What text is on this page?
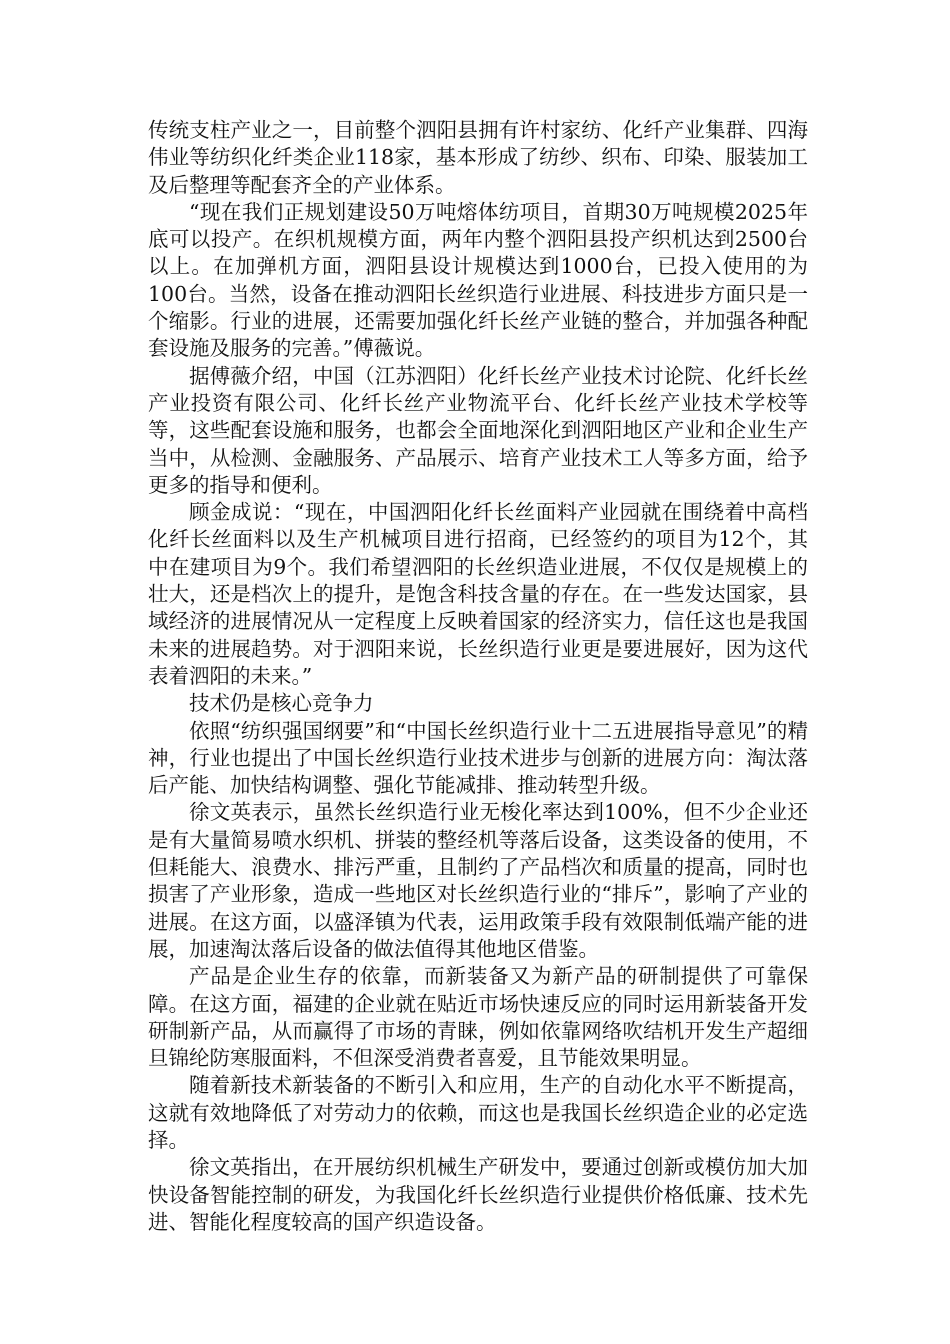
传统支柱产业之一，目前整个泗阳县拥有许村家纺、化纤产业集群、四海伟业等纺织化纤类企业118家，基本形成了纺纱、织布、印染、服装加工及后整理等配套齐全的产业体系。

“现在我们正规划建设50万吨熔体纺项目，首期30万吨规模2025年底可以投产。在织机规模方面，两年内整个泗阳县投产织机达到2500台以上。在加弹机方面，泗阳县设计规模达到1000台，已投入使用的为100台。当然，设备在推动泗阳长丝织造行业进展、科技进步方面只是一个缩影。行业的进展，还需要加强化纤长丝产业链的整合，并加强各种配套设施及服务的完善。”傅薇说。

据傅薇介绍，中国（江苏泗阳）化纤长丝产业技术讨论院、化纤长丝产业投资有限公司、化纤长丝产业物流平台、化纤长丝产业技术学校等等，这些配套设施和服务，也都会全面地深化到泗阳地区产业和企业生产当中，从检测、金融服务、产品展示、培育产业技术工人等多方面，给予更多的指导和便利。

顾金成说：“现在，中国泗阳化纤长丝面料产业园就在围绕着中高档化纤长丝面料以及生产机械项目进行招商，已经签约的项目为12个，其中在建项目为9个。我们希望泗阳的长丝织造业进展，不仅仅是规模上的壮大，还是档次上的提升，是饱含科技含量的存在。在一些发达国家，县域经济的进展情况从一定程度上反映着国家的经济实力，信任这也是我国未来的进展趋势。对于泗阳来说，长丝织造行业更是要进展好，因为这代表着泗阳的未来。”

技术仍是核心竞争力

依照“纺织强国纲要”和“中国长丝织造行业十二五进展指导意见”的精神，行业也提出了中国长丝织造行业技术进步与创新的进展方向：淘汰落后产能、加快结构调整、强化节能减排、推动转型升级。

徐文英表示，虽然长丝织造行业无梭化率达到100%，但不少企业还是有大量简易喷水织机、拼装的整经机等落后设备，这类设备的使用，不但耗能大、浪费水、排污严重，且制约了产品档次和质量的提高，同时也损害了产业形象，造成一些地区对长丝织造行业的“排斥”，影响了产业的进展。在这方面，以盛泽镇为代表，运用政策手段有效限制低端产能的进展，加速淘汰落后设备的做法值得其他地区借鉴。

产品是企业生存的依靠，而新装备又为新产品的研制提供了可靠保障。在这方面，福建的企业就在贴近市场快速反应的同时运用新装备开发研制新产品，从而赢得了市场的青睐，例如依靠网络吹结机开发生产超细旦锦纶防寒服面料，不但深受消费者喜爱，且节能效果明显。

随着新技术新装备的不断引入和应用，生产的自动化水平不断提高，这就有效地降低了对劳动力的依赖，而这也是我国长丝织造企业的必定选择。

徐文英指出，在开展纺织机械生产研发中，要通过创新或模仿加大加快设备智能控制的研发，为我国化纤长丝织造行业提供价格低廉、技术先进、智能化程度较高的国产织造设备。
